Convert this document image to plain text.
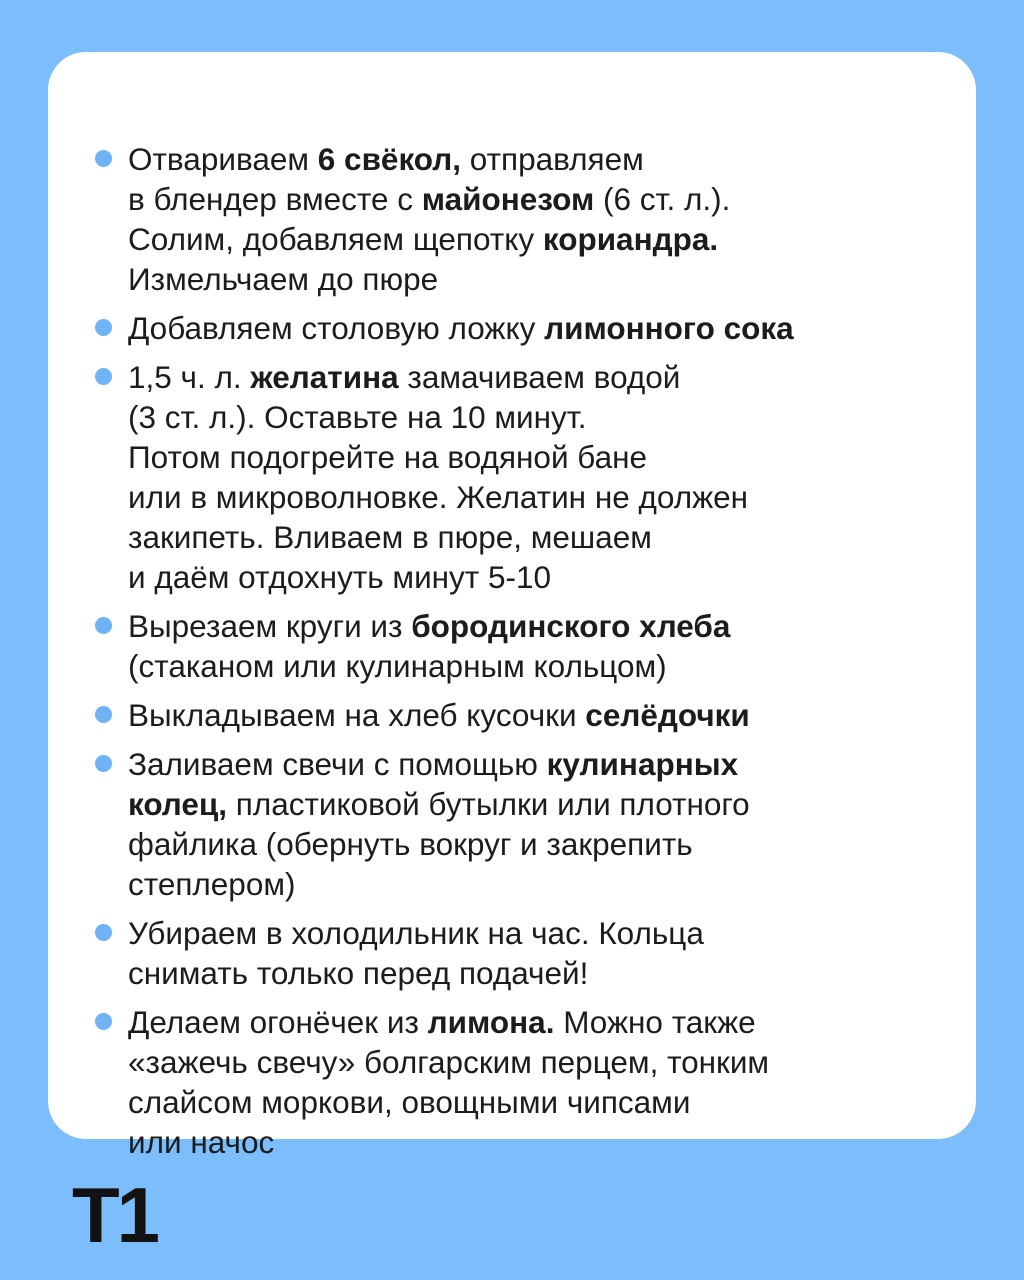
Отвариваем 6 свёкол, отправляем
в блендер вместе с майонезом (6 ст. л.).
Солим, добавляем щепотку кориандра.
Измельчаем до пюре
Добавляем столовую ложку лимонного сока
1,5 ч. л. желатина замачиваем водой
(3 ст. л.). Оставьте на 10 минут.
Потом подогрейте на водяной бане
или в микроволновке. Желатин не должен
закипеть. Вливаем в пюре, мешаем
и даём отдохнуть минут 5-10
Вырезаем круги из бородинского хлеба
(стаканом или кулинарным кольцом)
Выкладываем на хлеб кусочки селёдочки
Заливаем свечи с помощью кулинарных
колец, пластиковой бутылки или плотного
файлика (обернуть вокруг и закрепить
степлером)
Убираем в холодильник на час. Кольца
снимать только перед подачей!
Делаем огонёчек из лимона. Можно также
«зажечь свечу» болгарским перцем, тонким
слайсом моркови, овощными чипсами
или начос
T1
